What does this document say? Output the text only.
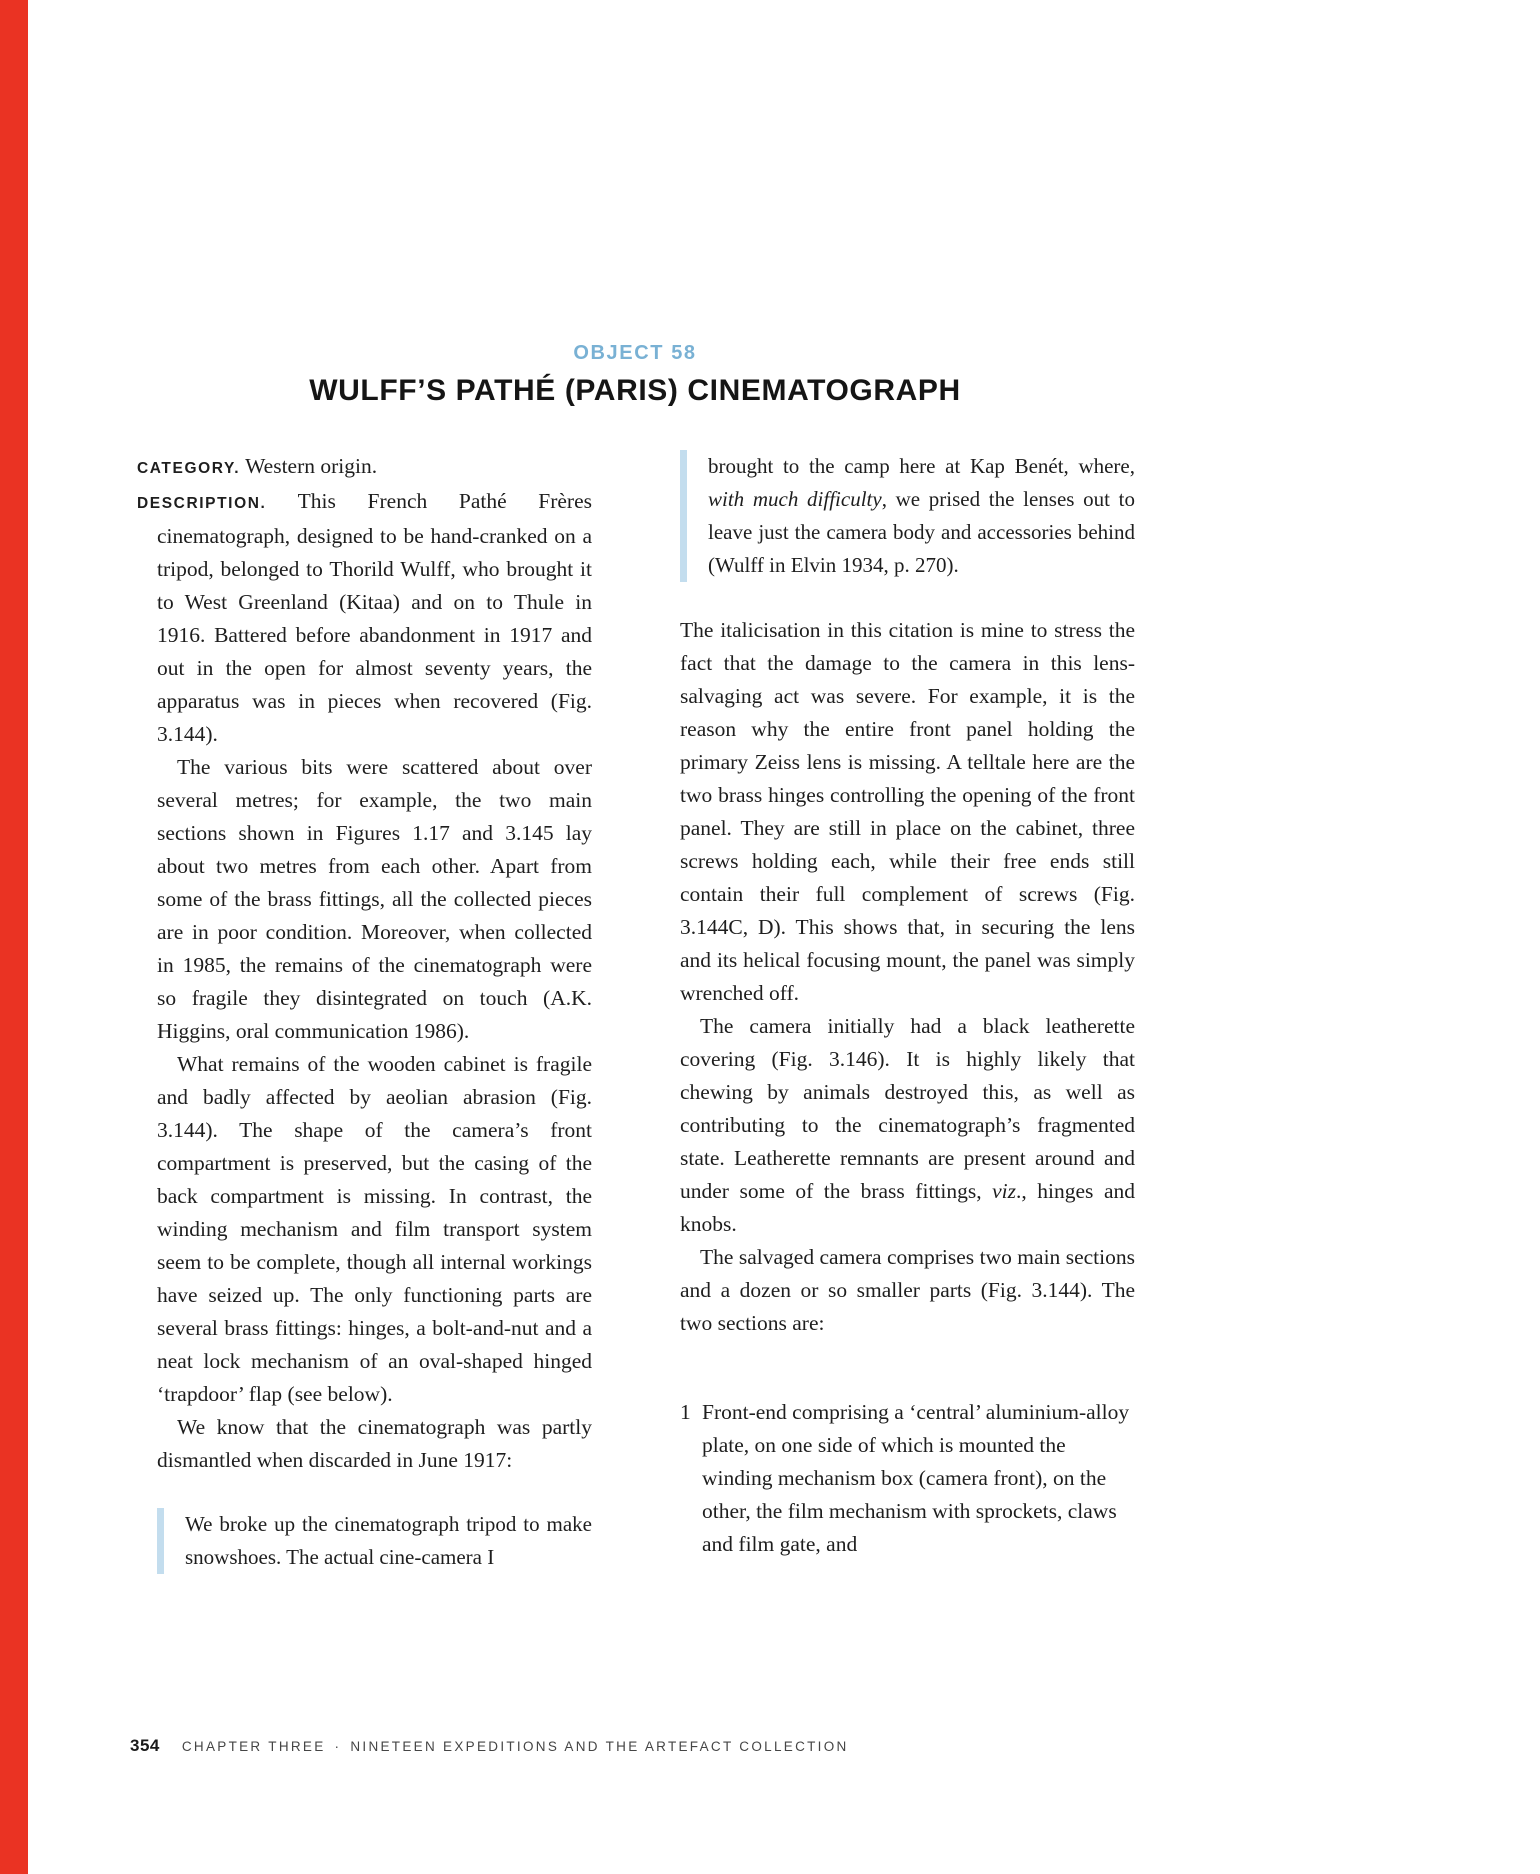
OBJECT 58
WULFF’S PATHÉ (PARIS) CINEMATOGRAPH

CATEGORY. Western origin.

DESCRIPTION. This French Pathé Frères cinematograph, designed to be hand-cranked on a tripod, belonged to Thorild Wulff, who brought it to West Greenland (Kitaa) and on to Thule in 1916. Battered before abandonment in 1917 and out in the open for almost seventy years, the apparatus was in pieces when recovered (Fig. 3.144).

The various bits were scattered about over several metres; for example, the two main sections shown in Figures 1.17 and 3.145 lay about two metres from each other. Apart from some of the brass fittings, all the collected pieces are in poor condition. Moreover, when collected in 1985, the remains of the cinematograph were so fragile they disintegrated on touch (A.K. Higgins, oral communication 1986).

What remains of the wooden cabinet is fragile and badly affected by aeolian abrasion (Fig. 3.144). The shape of the camera’s front compartment is preserved, but the casing of the back compartment is missing. In contrast, the winding mechanism and film transport system seem to be complete, though all internal workings have seized up. The only functioning parts are several brass fittings: hinges, a bolt-and-nut and a neat lock mechanism of an oval-shaped hinged ‘trapdoor’ flap (see below).

We know that the cinematograph was partly dismantled when discarded in June 1917:

We broke up the cinematograph tripod to make snowshoes. The actual cine-camera I

brought to the camp here at Kap Benét, where, with much difficulty, we prised the lenses out to leave just the camera body and accessories behind (Wulff in Elvin 1934, p. 270).

The italicisation in this citation is mine to stress the fact that the damage to the camera in this lens-salvaging act was severe. For example, it is the reason why the entire front panel holding the primary Zeiss lens is missing. A telltale here are the two brass hinges controlling the opening of the front panel. They are still in place on the cabinet, three screws holding each, while their free ends still contain their full complement of screws (Fig. 3.144C, D). This shows that, in securing the lens and its helical focusing mount, the panel was simply wrenched off.

The camera initially had a black leatherette covering (Fig. 3.146). It is highly likely that chewing by animals destroyed this, as well as contributing to the cinematograph’s fragmented state. Leatherette remnants are present around and under some of the brass fittings, viz., hinges and knobs.

The salvaged camera comprises two main sections and a dozen or so smaller parts (Fig. 3.144). The two sections are:

1 Front-end comprising a ‘central’ aluminium-alloy plate, on one side of which is mounted the winding mechanism box (camera front), on the other, the film mechanism with sprockets, claws and film gate, and
354 CHAPTER THREE · NINETEEN EXPEDITIONS AND THE ARTEFACT COLLECTION
